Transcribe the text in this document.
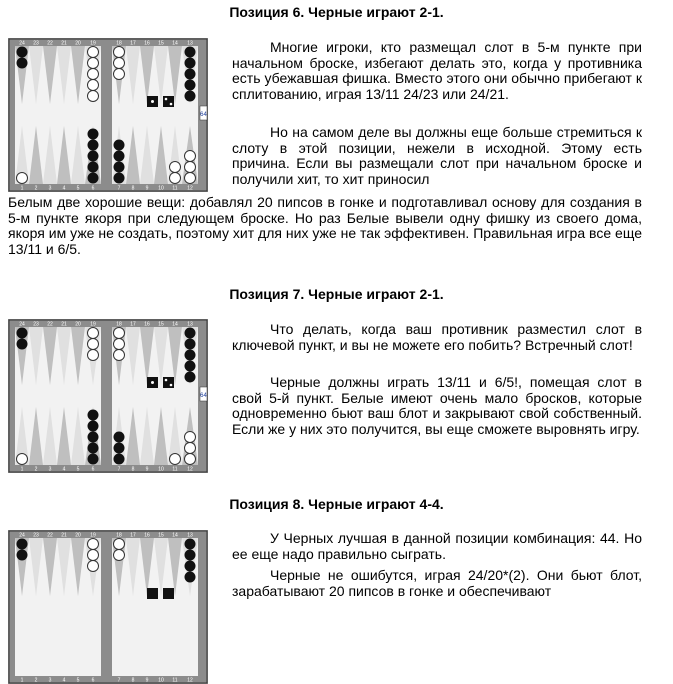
Позиция 6. Черные играют 2-1.
64
24 23 22 21 20 19	18 17 16 15 14 13
1 2 3 4 5 6	7 8 9 10 11 12

Многие игроки, кто размещал слот в 5-м пункте при начальном броске, избегают делать это, когда у противника есть убежавшая фишка. Вместо этого они обычно прибегают к сплитованию, играя 13/11 24/23 или 24/21.

Но на самом деле вы должны еще больше стремиться к слоту в этой позиции, нежели в исходной. Этому есть причина. Если вы размещали слот при начальном броске и получили хит, то хит приносил

Белым две хорошие вещи: добавлял 20 пипсов в гонке и подготавливал основу для создания в 5-м пункте якоря при следующем броске. Но раз Белые вывели одну фишку из своего дома, якоря им уже не создать, поэтому хит для них уже не так эффективен. Правильная игра все еще 13/11 и 6/5.

Позиция 7. Черные играют 2-1.
64
24 23 22 21 20 19	18 17 16 15 14 13
1 2 3 4 5 6	7 8 9 10 11 12

Что делать, когда ваш противник разместил слот в ключевой пункт, и вы не можете его побить? Встречный слот!

Черные должны играть 13/11 и 6/5!, помещая слот в свой 5-й пункт. Белые имеют очень мало бросков, которые одновременно бьют ваш блот и закрывают свой собственный. Если же у них это получится, вы еще сможете выровнять игру.

Позиция 8. Черные играют 4-4.
24 23 22 21 20 19	18 17 16 15 14 13
1 2 3 4 5 6	7 8 9 10 11 12

У Черных лучшая в данной позиции комбинация: 44. Но ее еще надо правильно сыграть.

Черные не ошибутся, играя 24/20*(2). Они бьют блот, зарабатывают 20 пипсов в гонке и обеспечивают
